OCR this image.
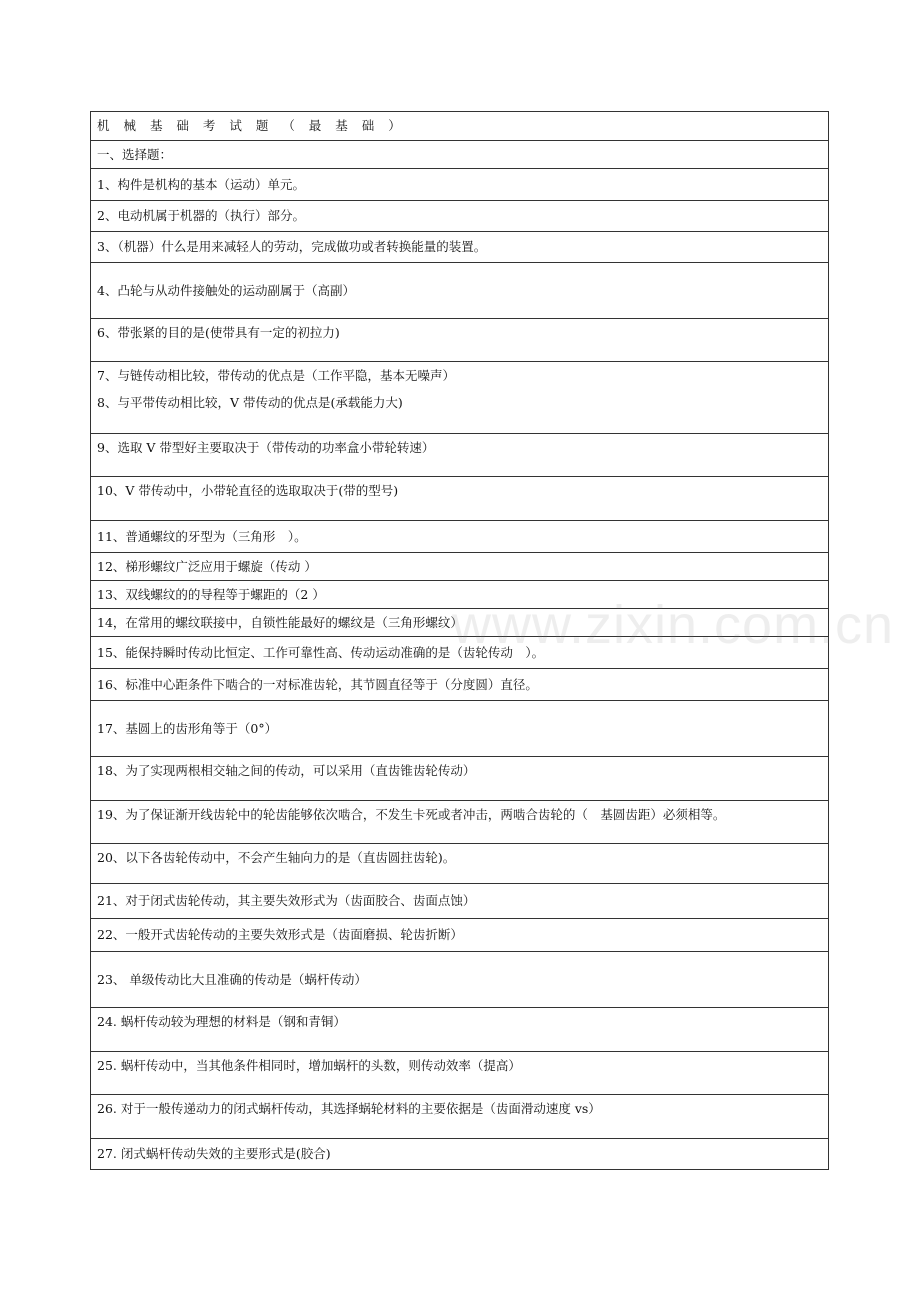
机 械 基 础 考 试 题 （ 最 基 础 ）
一、选择题：
1、构件是机构的基本（运动）单元。
2、电动机属于机器的（执行）部分。
3、（机器）什么是用来减轻人的劳动，完成做功或者转换能量的装置。
4、凸轮与从动件接触处的运动副属于（高副）
6、带张紧的目的是(使带具有一定的初拉力)

7、与链传动相比较，带传动的优点是（工作平隐，基本无噪声）
8、与平带传动相比较，V 带传动的优点是(承载能力大)

9、选取 V 带型好主要取决于（带传动的功率盒小带轮转速）
10、V 带传动中，小带轮直径的选取取决于(带的型号)
11、普通螺纹的牙型为（三角形　）。
12、梯形螺纹广泛应用于螺旋（传动 ）
13、双线螺纹的的导程等于螺距的（2 ）
14，在常用的螺纹联接中，自锁性能最好的螺纹是（三角形螺纹）
15、能保持瞬时传动比恒定、工作可靠性高、传动运动准确的是（齿轮传动　）。
16、标准中心距条件下啮合的一对标准齿轮，其节圆直径等于（分度圆）直径。
17、基圆上的齿形角等于（0°）
18、为了实现两根相交轴之间的传动，可以采用（直齿锥齿轮传动）
19、为了保证渐开线齿轮中的轮齿能够依次啮合，不发生卡死或者冲击，两啮合齿轮的（　基圆齿距）必须相等。
20、以下各齿轮传动中，不会产生轴向力的是（直齿圆拄齿轮)。
21、对于闭式齿轮传动，其主要失效形式为（齿面胶合、齿面点蚀）
22、一般开式齿轮传动的主要失效形式是（齿面磨损、轮齿折断）
23、 单级传动比大且准确的传动是（蜗杆传动）
24. 蜗杆传动较为理想的材料是（钢和青铜）
25. 蜗杆传动中，当其他条件相同时，增加蜗杆的头数，则传动效率（提高）
26. 对于一般传递动力的闭式蜗杆传动，其选择蜗轮材料的主要依据是（齿面滑动速度 vs）
27. 闭式蜗杆传动失效的主要形式是(胶合)
www.zixin.com.cn
